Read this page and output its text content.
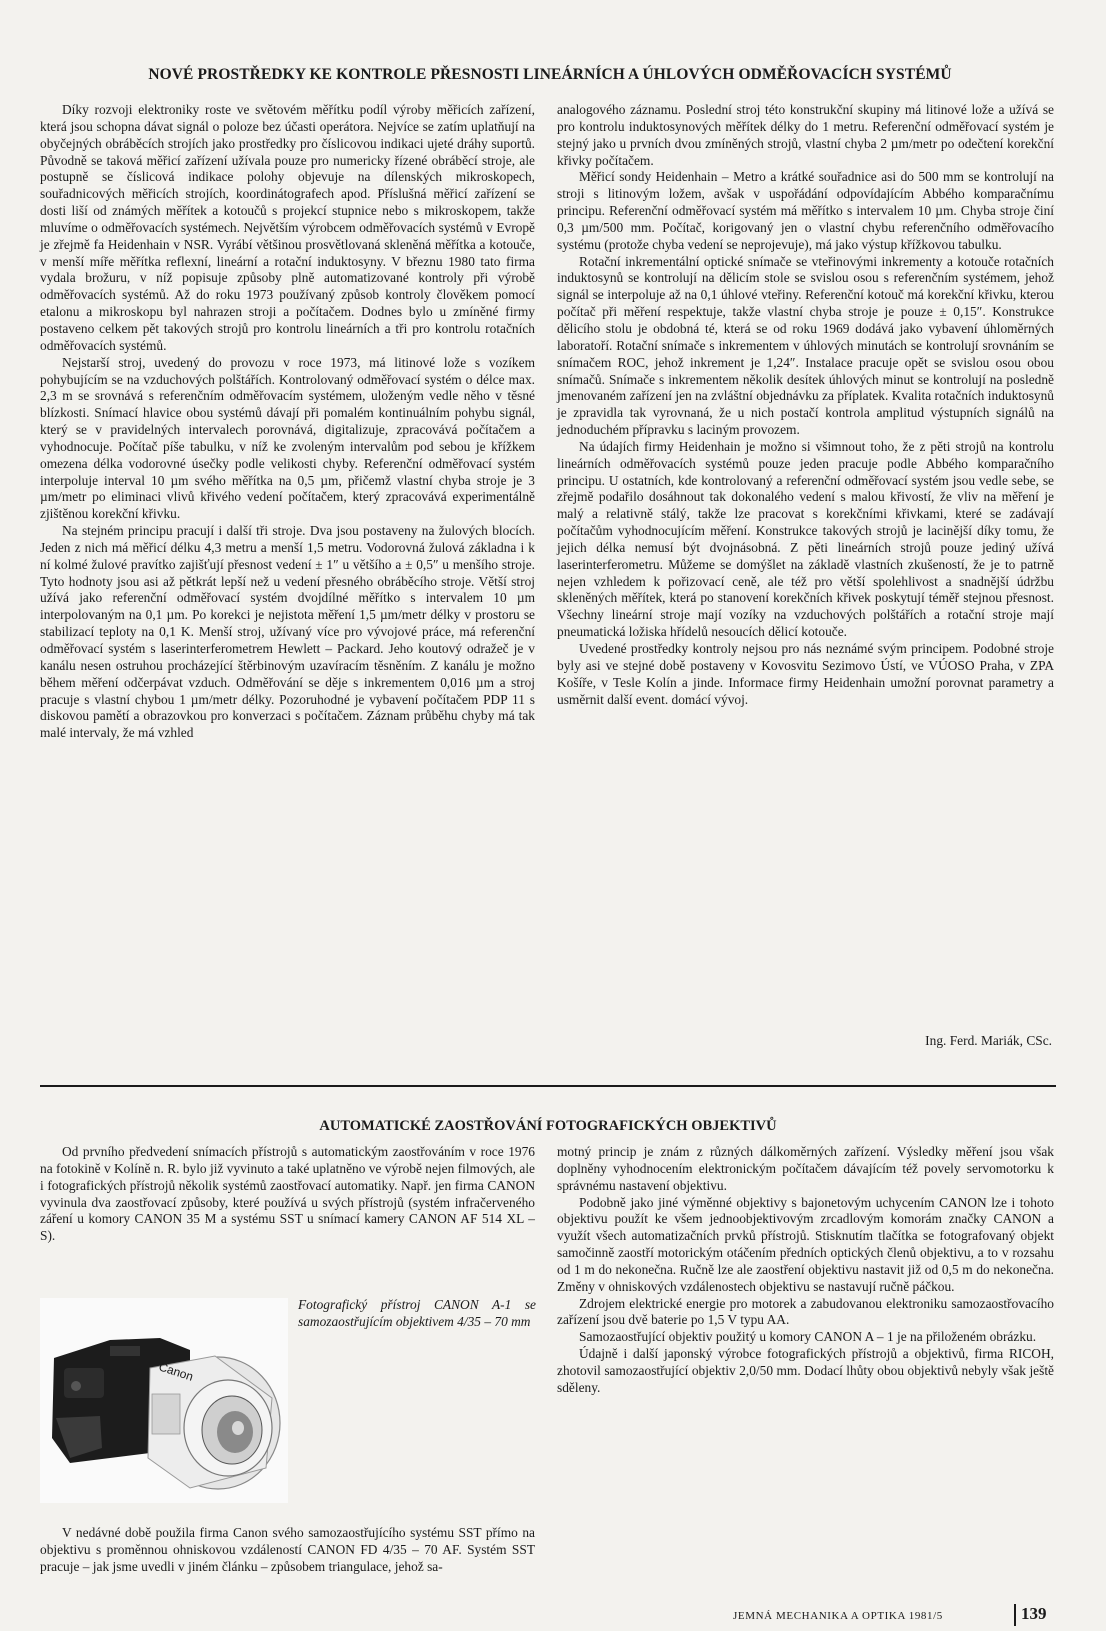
NOVÉ PROSTŘEDKY KE KONTROLE PŘESNOSTI LINEÁRNÍCH A ÚHLOVÝCH ODMĚŘOVACÍCH SYSTÉMŮ

Díky rozvoji elektroniky roste ve světovém měřítku podíl výroby měřicích zařízení, která jsou schopna dávat signál o poloze bez účasti operátora. Nejvíce se zatím uplatňují na obyčejných obráběcích strojích jako prostředky pro číslicovou indikaci ujeté dráhy suportů. Původně se taková měřicí zařízení užívala pouze pro numericky řízené obráběcí stroje, ale postupně se číslicová indikace polohy objevuje na dílenských mikroskopech, souřadnicových měřicích strojích, koordinátografech apod. Příslušná měřicí zařízení se dosti liší od známých měřítek a kotoučů s projekcí stupnice nebo s mikroskopem, takže mluvíme o odměřovacích systémech. Největším výrobcem odměřovacích systémů v Evropě je zřejmě fa Heidenhain v NSR. Vyrábí většinou prosvětlovaná skleněná měřítka a kotouče, v menší míře měřítka reflexní, lineární a rotační induktosyny. V březnu 1980 tato firma vydala brožuru, v níž popisuje způsoby plně automatizované kontroly při výrobě odměřovacích systémů. Až do roku 1973 používaný způsob kontroly člověkem pomocí etalonu a mikroskopu byl nahrazen stroji a počítačem. Dodnes bylo u zmíněné firmy postaveno celkem pět takových strojů pro kontrolu lineárních a tři pro kontrolu rotačních odměřovacích systémů.

Nejstarší stroj, uvedený do provozu v roce 1973, má litinové lože s vozíkem pohybujícím se na vzduchových polštářích. Kontrolovaný odměřovací systém o délce max. 2,3 m se srovnává s referenčním odměřovacím systémem, uloženým vedle něho v těsné blízkosti. Snímací hlavice obou systémů dávají při pomalém kontinuálním pohybu signál, který se v pravidelných intervalech porovnává, digitalizuje, zpracovává počítačem a vyhodnocuje. Počítač píše tabulku, v níž ke zvoleným intervalům pod sebou je křížkem omezena délka vodorovné úsečky podle velikosti chyby. Referenční odměřovací systém interpoluje interval 10 µm svého měřítka na 0,5 µm, přičemž vlastní chyba stroje je 3 µm/metr po eliminaci vlivů křivého vedení počítačem, který zpracovává experimentálně zjištěnou korekční křivku.

Na stejném principu pracují i další tři stroje. Dva jsou postaveny na žulových blocích. Jeden z nich má měřicí délku 4,3 metru a menší 1,5 metru. Vodorovná žulová základna i k ní kolmé žulové pravítko zajišťují přesnost vedení ± 1″ u většího a ± 0,5″ u menšího stroje. Tyto hodnoty jsou asi až pětkrát lepší než u vedení přesného obráběcího stroje. Větší stroj užívá jako referenční odměřovací systém dvojdílné měřítko s intervalem 10 µm interpolovaným na 0,1 µm. Po korekci je nejistota měření 1,5 µm/metr délky v prostoru se stabilizací teploty na 0,1 K. Menší stroj, užívaný více pro vývojové práce, má referenční odměřovací systém s laserinterferometrem Hewlett – Packard. Jeho koutový odražeč je v kanálu nesen ostruhou procházející štěrbinovým uzavíracím těsněním. Z kanálu je možno během měření odčerpávat vzduch. Odměřování se děje s inkrementem 0,016 µm a stroj pracuje s vlastní chybou 1 µm/metr délky. Pozoruhodné je vybavení počítačem PDP 11 s diskovou pamětí a obrazovkou pro konverzaci s počítačem. Záznam průběhu chyby má tak malé intervaly, že má vzhled

analogového záznamu. Poslední stroj této konstrukční skupiny má litinové lože a užívá se pro kontrolu induktosynových měřítek délky do 1 metru. Referenční odměřovací systém je stejný jako u prvních dvou zmíněných strojů, vlastní chyba 2 µm/metr po odečtení korekční křivky počítačem.

Měřicí sondy Heidenhain – Metro a krátké souřadnice asi do 500 mm se kontrolují na stroji s litinovým ložem, avšak v uspořádání odpovídajícím Abbého komparačnímu principu. Referenční odměřovací systém má měřítko s intervalem 10 µm. Chyba stroje činí 0,3 µm/500 mm. Počítač, korigovaný jen o vlastní chybu referenčního odměřovacího systému (protože chyba vedení se neprojevuje), má jako výstup křížkovou tabulku.

Rotační inkrementální optické snímače se vteřinovými inkrementy a kotouče rotačních induktosynů se kontrolují na dělicím stole se svislou osou s referenčním systémem, jehož signál se interpoluje až na 0,1 úhlové vteřiny. Referenční kotouč má korekční křivku, kterou počítač při měření respektuje, takže vlastní chyba stroje je pouze ± 0,15″. Konstrukce dělicího stolu je obdobná té, která se od roku 1969 dodává jako vybavení úhloměrných laboratoří. Rotační snímače s inkrementem v úhlových minutách se kontrolují srovnáním se snímačem ROC, jehož inkrement je 1,24″. Instalace pracuje opět se svislou osou obou snímačů. Snímače s inkrementem několik desítek úhlových minut se kontrolují na posledně jmenovaném zařízení jen na zvláštní objednávku za příplatek. Kvalita rotačních induktosynů je zpravidla tak vyrovnaná, že u nich postačí kontrola amplitud výstupních signálů na jednoduchém přípravku s laciným provozem.

Na údajích firmy Heidenhain je možno si všimnout toho, že z pěti strojů na kontrolu lineárních odměřovacích systémů pouze jeden pracuje podle Abbého komparačního principu. U ostatních, kde kontrolovaný a referenční odměřovací systém jsou vedle sebe, se zřejmě podařilo dosáhnout tak dokonalého vedení s malou křivostí, že vliv na měření je malý a relativně stálý, takže lze pracovat s korekčními křivkami, které se zadávají počítačům vyhodnocujícím měření. Konstrukce takových strojů je lacinější díky tomu, že jejich délka nemusí být dvojnásobná. Z pěti lineárních strojů pouze jediný užívá laserinterferometru. Můžeme se domýšlet na základě vlastních zkušeností, že je to patrně nejen vzhledem k pořizovací ceně, ale též pro větší spolehlivost a snadnější údržbu skleněných měřítek, která po stanovení korekčních křivek poskytují téměř stejnou přesnost. Všechny lineární stroje mají vozíky na vzduchových polštářích a rotační stroje mají pneumatická ložiska hřídelů nesoucích dělicí kotouče.

Uvedené prostředky kontroly nejsou pro nás neznámé svým principem. Podobné stroje byly asi ve stejné době postaveny v Kovosvitu Sezimovo Ústí, ve VÚOSO Praha, v ZPA Košíře, v Tesle Kolín a jinde. Informace firmy Heidenhain umožní porovnat parametry a usměrnit další event. domácí vývoj.

Ing. Ferd. Mariák, CSc.
AUTOMATICKÉ ZAOSTŘOVÁNÍ FOTOGRAFICKÝCH OBJEKTIVŮ

Od prvního předvedení snímacích přístrojů s automatickým zaostřováním v roce 1976 na fotokině v Kolíně n. R. bylo již vyvinuto a také uplatněno ve výrobě nejen filmových, ale i fotografických přístrojů několik systémů zaostřovací automatiky. Např. jen firma CANON vyvinula dva zaostřovací způsoby, které používá u svých přístrojů (systém infračerveného záření u komory CANON 35 M a systému SST u snímací kamery CANON AF 514 XL – S).

Canon
Fotografický přístroj CANON A-1 se samozaostřujícím objektivem 4/35 – 70 mm

V nedávné době použila firma Canon svého samozaostřujícího systému SST přímo na objektivu s proměnnou ohniskovou vzdáleností CANON FD 4/35 – 70 AF. Systém SST pracuje – jak jsme uvedli v jiném článku – způsobem triangulace, jehož sa-

motný princip je znám z různých dálkoměrných zařízení. Výsledky měření jsou však doplněny vyhodnocením elektronickým počítačem dávajícím též povely servomotorku k správnému nastavení objektivu.

Podobně jako jiné výměnné objektivy s bajonetovým uchycením CANON lze i tohoto objektivu použít ke všem jednoobjektivovým zrcadlovým komorám značky CANON a využít všech automatizačních prvků přístrojů. Stisknutím tlačítka se fotografovaný objekt samočinně zaostří motorickým otáčením předních optických členů objektivu, a to v rozsahu od 1 m do nekonečna. Ručně lze ale zaostření objektivu nastavit již od 0,5 m do nekonečna. Změny v ohniskových vzdálenostech objektivu se nastavují ručně páčkou.

Zdrojem elektrické energie pro motorek a zabudovanou elektroniku samozaostřovacího zařízení jsou dvě baterie po 1,5 V typu AA.

Samozaostřující objektiv použitý u komory CANON A – 1 je na přiloženém obrázku.

Údajně i další japonský výrobce fotografických přístrojů a objektivů, firma RICOH, zhotovil samozaostřující objektiv 2,0/50 mm. Dodací lhůty obou objektivů nebyly však ještě sděleny.

JEMNÁ MECHANIKA A OPTIKA 1981/5	139
